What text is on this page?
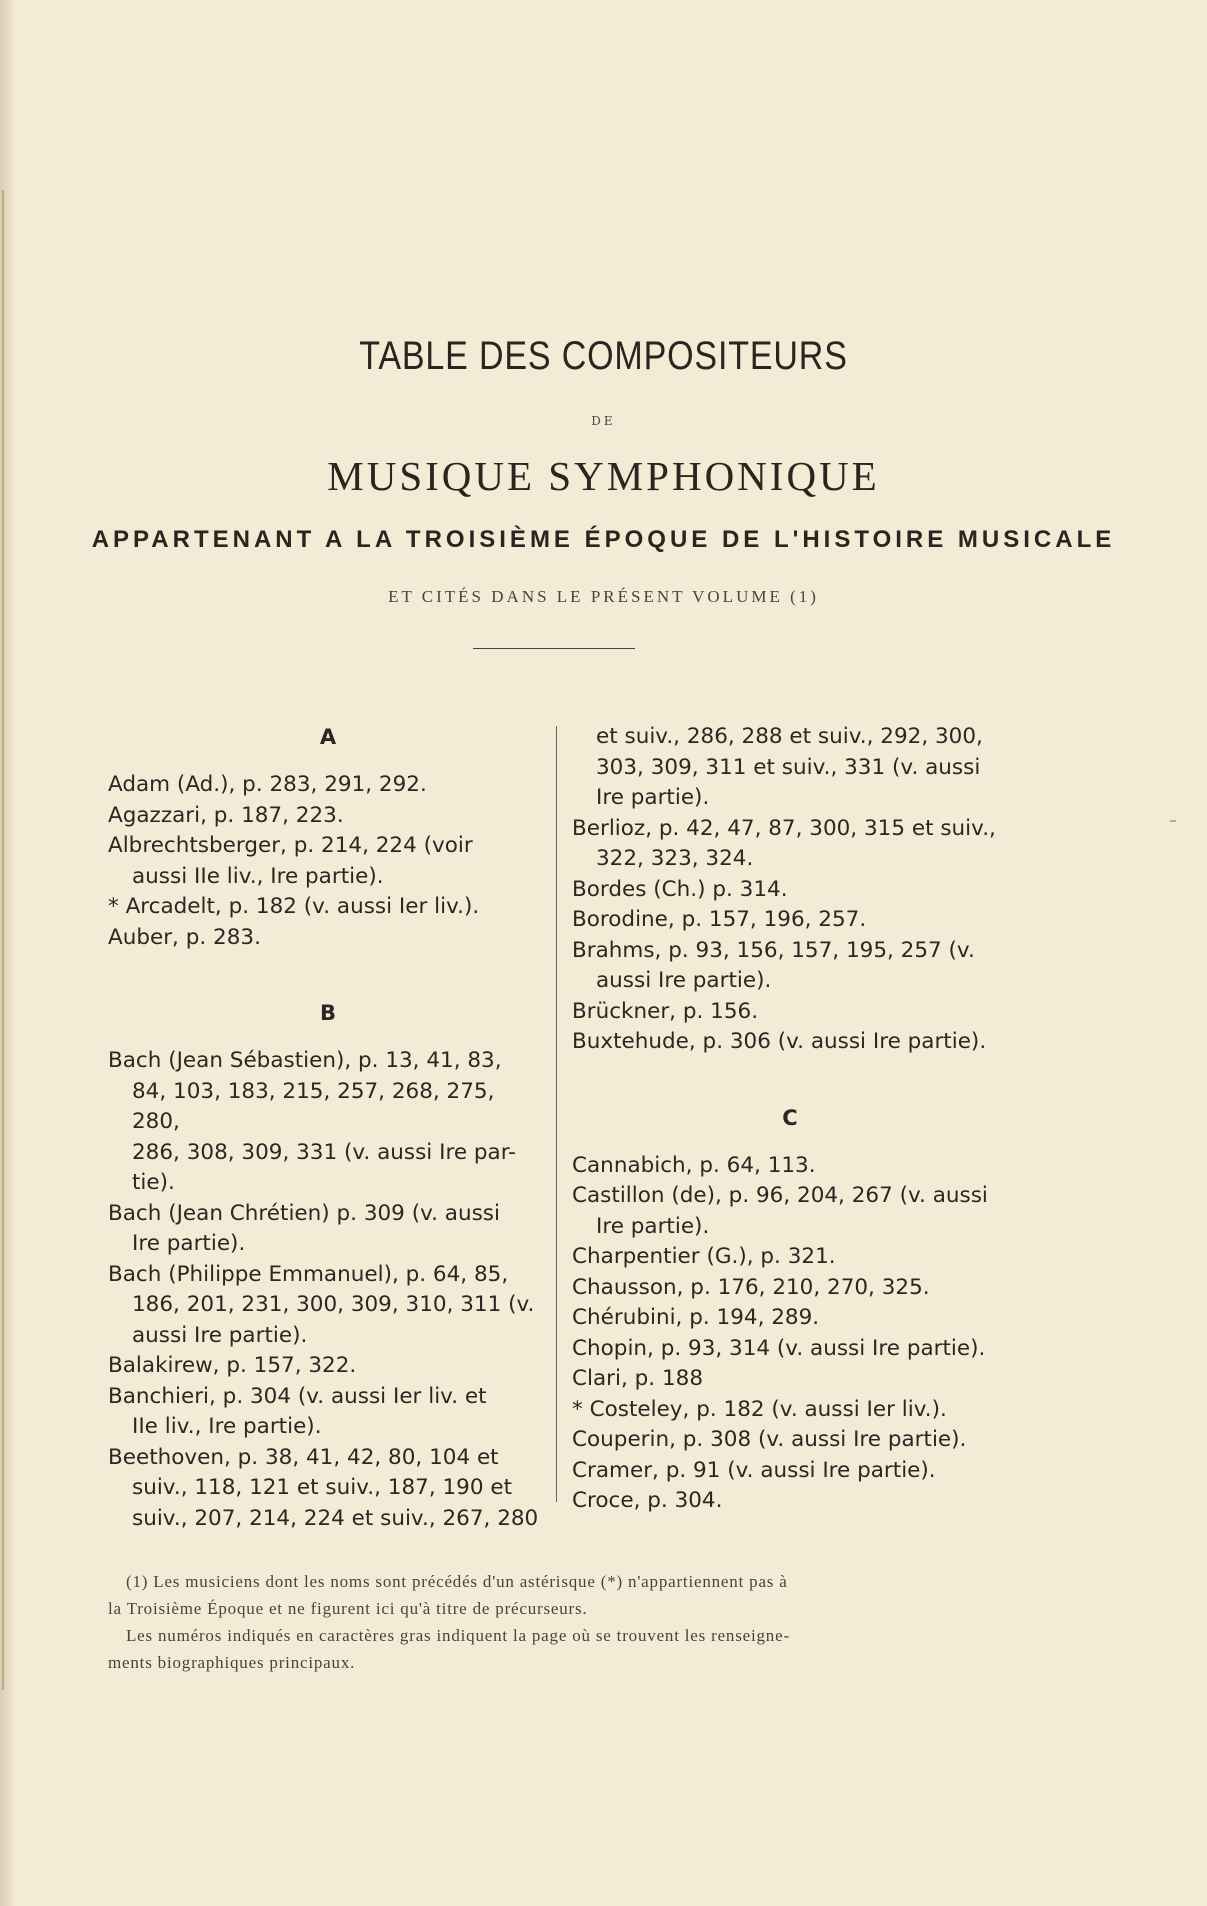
TABLE DES COMPOSITEURS
DE
MUSIQUE SYMPHONIQUE
APPARTENANT A LA TROISIÈME ÉPOQUE DE L'HISTOIRE MUSICALE
ET CITÉS DANS LE PRÉSENT VOLUME (1)
A
Adam (Ad.), p. 283, 291, 292.
Agazzari, p. 187, 223.
Albrechtsberger, p. 214, 224 (voir
aussi IIe liv., Ire partie).
* Arcadelt, p. 182 (v. aussi Ier liv.).
Auber, p. 283.
B
Bach (Jean Sébastien), p. 13, 41, 83,
84, 103, 183, 215, 257, 268, 275, 280,
286, 308, 309, 331 (v. aussi Ire par-
tie).
Bach (Jean Chrétien) p. 309 (v. aussi
Ire partie).
Bach (Philippe Emmanuel), p. 64, 85,
186, 201, 231, 300, 309, 310, 311 (v.
aussi Ire partie).
Balakirew, p. 157, 322.
Banchieri, p. 304 (v. aussi Ier liv. et
IIe liv., Ire partie).
Beethoven, p. 38, 41, 42, 80, 104 et
suiv., 118, 121 et suiv., 187, 190 et
suiv., 207, 214, 224 et suiv., 267, 280
et suiv., 286, 288 et suiv., 292, 300,
303, 309, 311 et suiv., 331 (v. aussi
Ire partie).
Berlioz, p. 42, 47, 87, 300, 315 et suiv.,
322, 323, 324.
Bordes (Ch.) p. 314.
Borodine, p. 157, 196, 257.
Brahms, p. 93, 156, 157, 195, 257 (v.
aussi Ire partie).
Brückner, p. 156.
Buxtehude, p. 306 (v. aussi Ire partie).
C
Cannabich, p. 64, 113.
Castillon (de), p. 96, 204, 267 (v. aussi
Ire partie).
Charpentier (G.), p. 321.
Chausson, p. 176, 210, 270, 325.
Chérubini, p. 194, 289.
Chopin, p. 93, 314 (v. aussi Ire partie).
Clari, p. 188
* Costeley, p. 182 (v. aussi Ier liv.).
Couperin, p. 308 (v. aussi Ire partie).
Cramer, p. 91 (v. aussi Ire partie).
Croce, p. 304.
(1) Les musiciens dont les noms sont précédés d'un astérisque (*) n'appartiennent pas à
la Troisième Époque et ne figurent ici qu'à titre de précurseurs.
Les numéros indiqués en caractères gras indiquent la page où se trouvent les renseigne-
ments biographiques principaux.
